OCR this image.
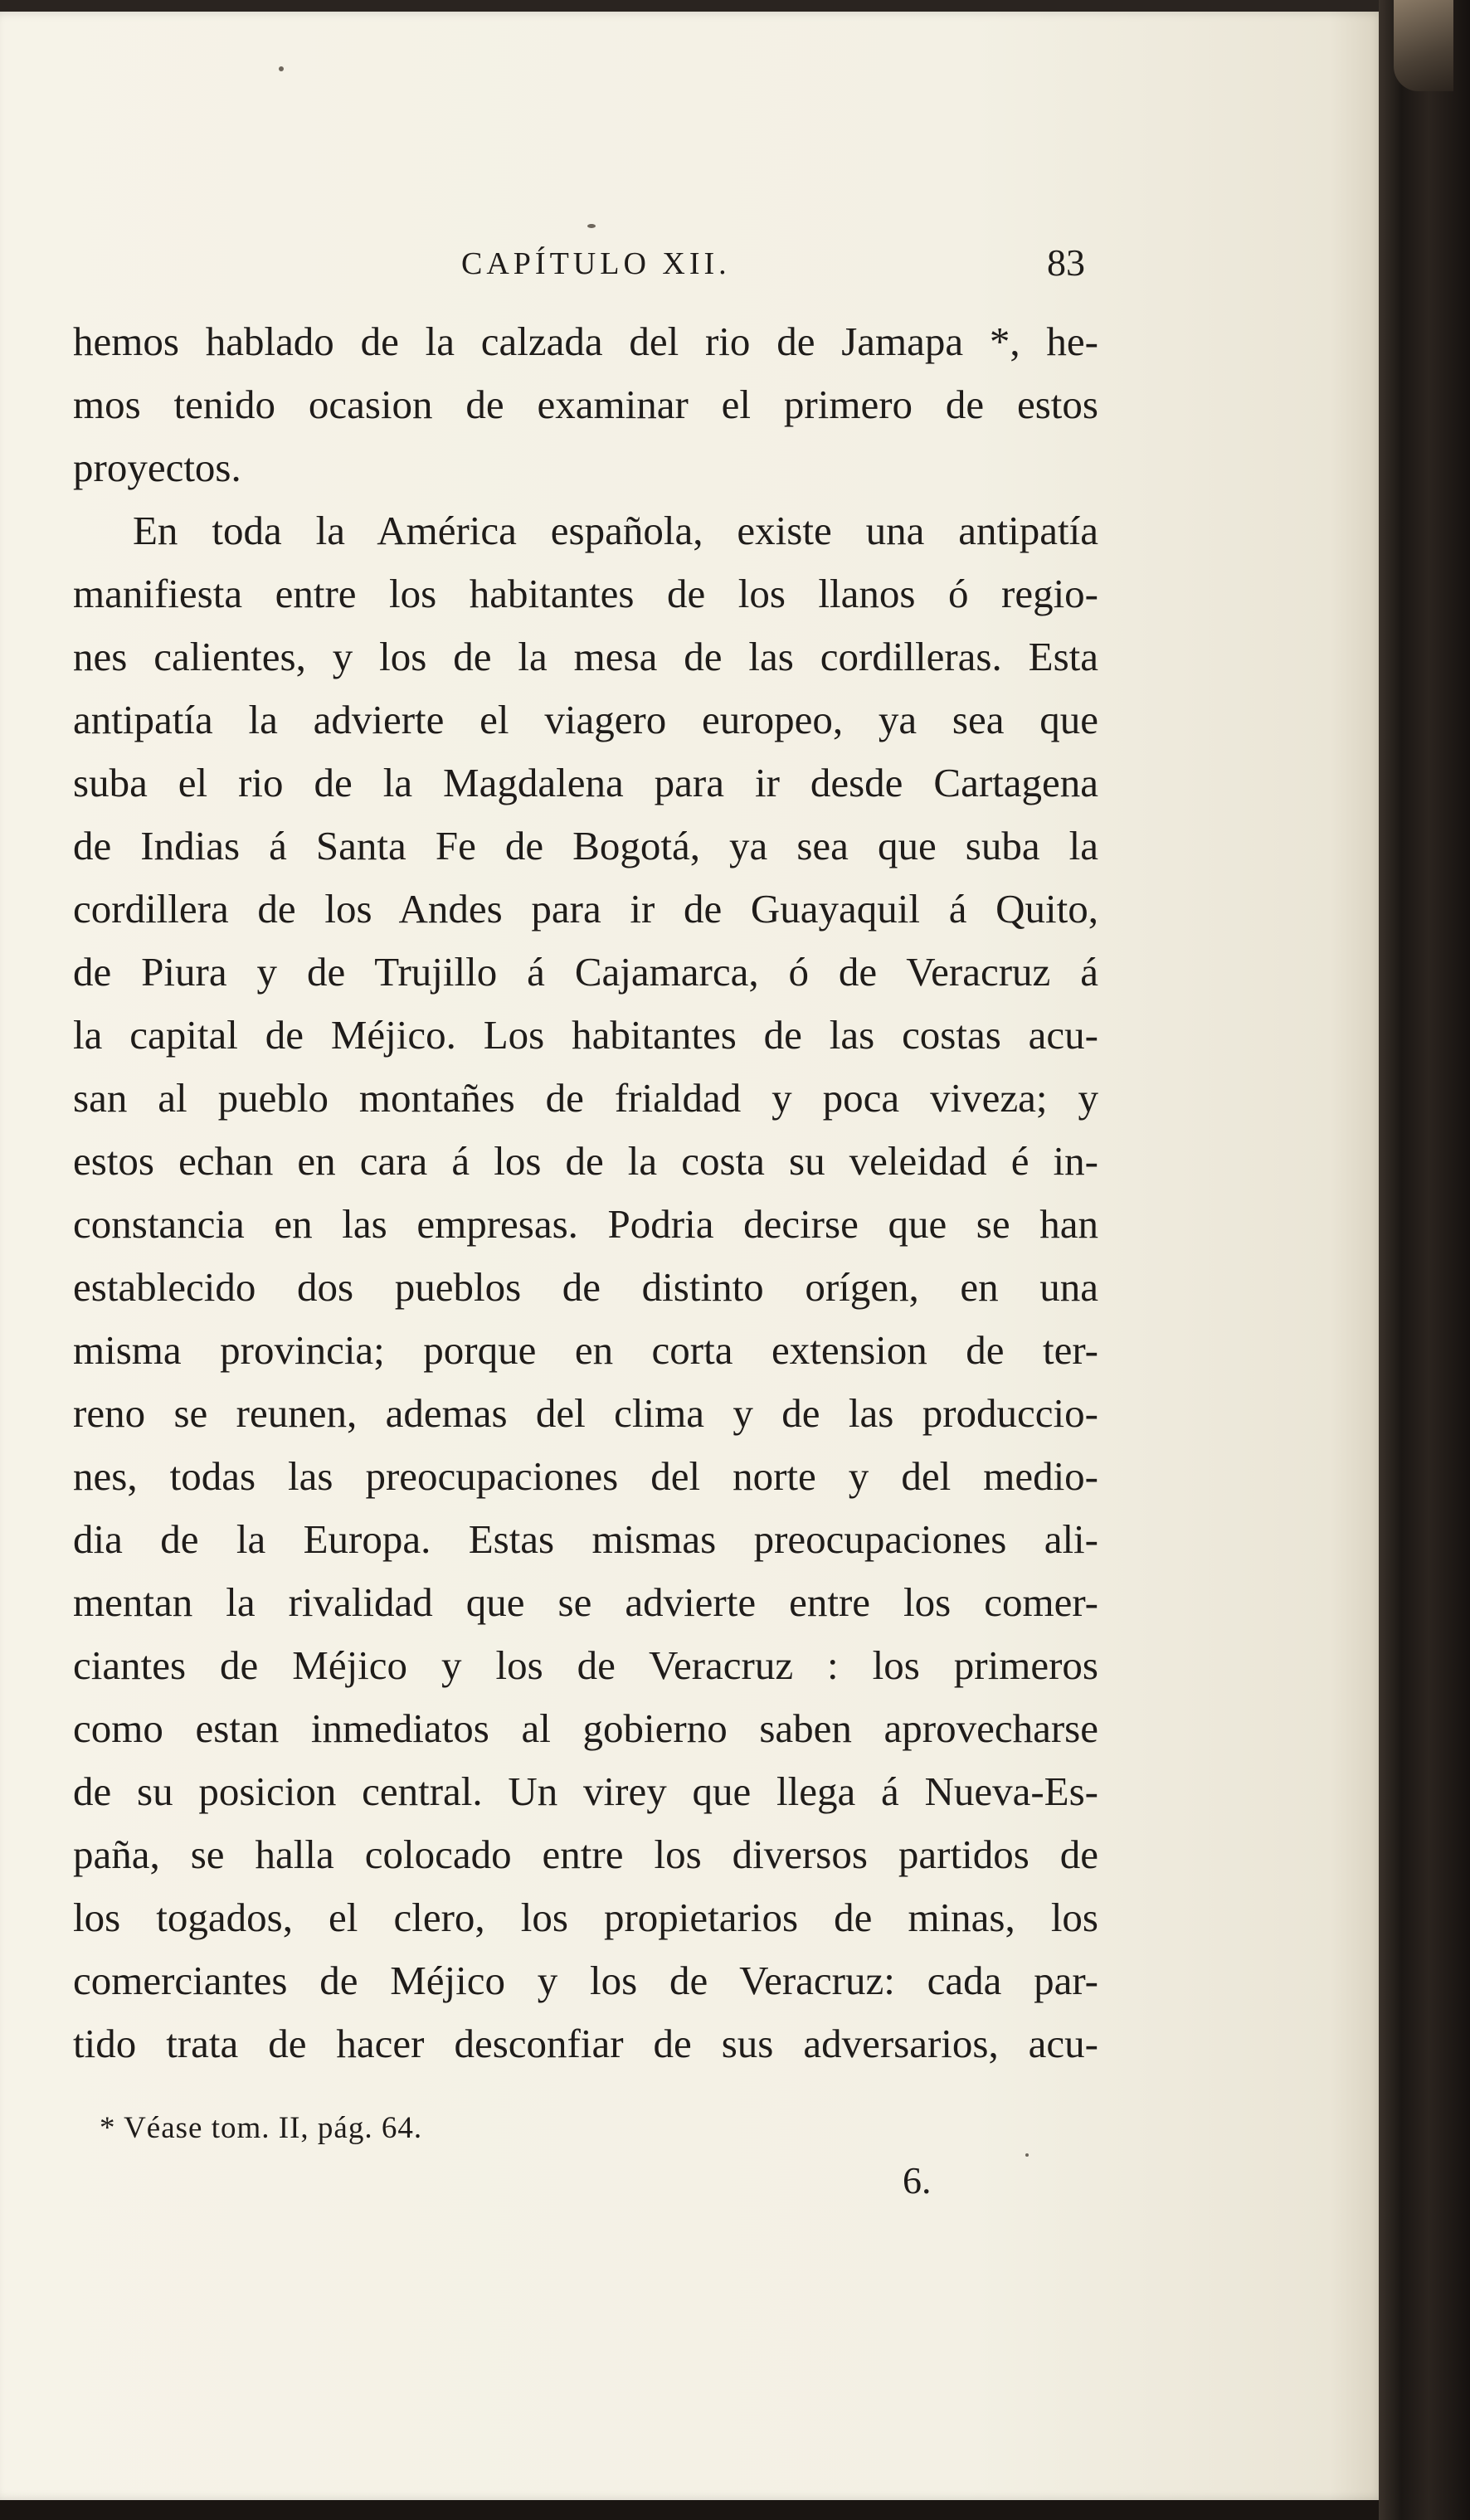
CAPÍTULO XII.	83
hemos hablado de la calzada del rio de Jamapa *, he-
mos tenido ocasion de examinar el primero de estos
proyectos.
En toda la América española, existe una antipatía
manifiesta entre los habitantes de los llanos ó regio-
nes calientes, y los de la mesa de las cordilleras. Esta
antipatía la advierte el viagero europeo, ya sea que
suba el rio de la Magdalena para ir desde Cartagena
de Indias á Santa Fe de Bogotá, ya sea que suba la
cordillera de los Andes para ir de Guayaquil á Quito,
de Piura y de Trujillo á Cajamarca, ó de Veracruz á
la capital de Méjico. Los habitantes de las costas acu-
san al pueblo montañes de frialdad y poca viveza; y
estos echan en cara á los de la costa su veleidad é in-
constancia en las empresas. Podria decirse que se han
establecido dos pueblos de distinto orígen, en una
misma provincia; porque en corta extension de ter-
reno se reunen, ademas del clima y de las produccio-
nes, todas las preocupaciones del norte y del medio-
dia de la Europa. Estas mismas preocupaciones ali-
mentan la rivalidad que se advierte entre los comer-
ciantes de Méjico y los de Veracruz : los primeros
como estan inmediatos al gobierno saben aprovecharse
de su posicion central. Un virey que llega á Nueva-Es-
paña, se halla colocado entre los diversos partidos de
los togados, el clero, los propietarios de minas, los
comerciantes de Méjico y los de Veracruz: cada par-
tido trata de hacer desconfiar de sus adversarios, acu-
* Véase tom. II, pág. 64.
6.
